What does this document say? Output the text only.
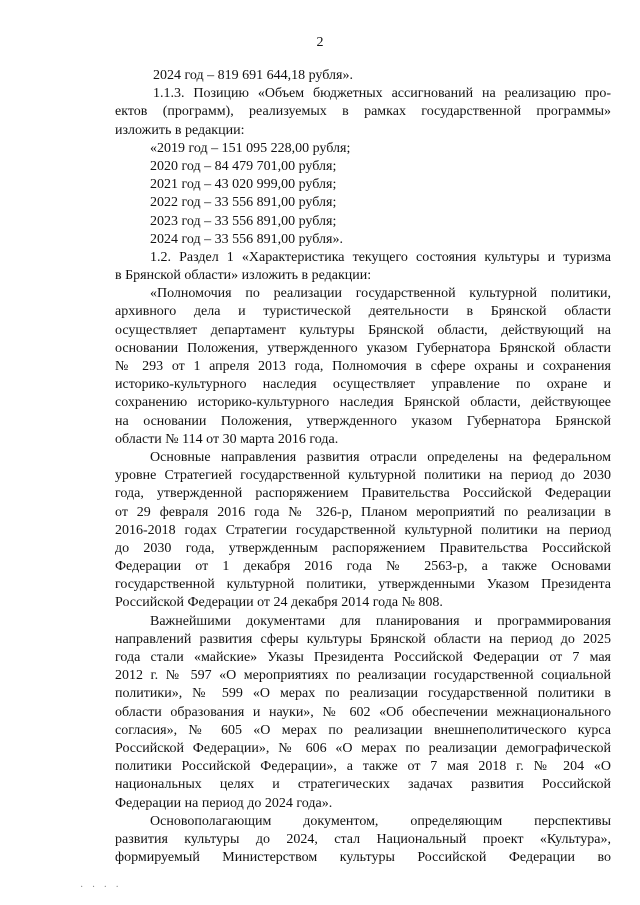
2
2024 год – 819 691 644,18 рубля».
1.1.3. Позицию «Объем бюджетных ассигнований на реализацию про-
ектов (программ), реализуемых в рамках государственной программы»
изложить в редакции:
«2019 год – 151 095 228,00 рубля;
2020 год – 84 479 701,00 рубля;
2021 год – 43 020 999,00 рубля;
2022 год – 33 556 891,00 рубля;
2023 год – 33 556 891,00 рубля;
2024 год – 33 556 891,00 рубля».
1.2. Раздел 1 «Характеристика текущего состояния культуры и туризма
в Брянской области» изложить в редакции:
«Полномочия по реализации государственной культурной политики,
архивного дела и туристической деятельности в Брянской области
осуществляет департамент культуры Брянской области, действующий на
основании Положения, утвержденного указом Губернатора Брянской области
№ 293 от 1 апреля 2013 года, Полномочия в сфере охраны и сохранения
историко-культурного наследия осуществляет управление по охране и
сохранению историко-культурного наследия Брянской области, действующее
на основании Положения, утвержденного указом Губернатора Брянской
области № 114 от 30 марта 2016 года.
Основные направления развития отрасли определены на федеральном
уровне Стратегией государственной культурной политики на период до 2030
года, утвержденной распоряжением Правительства Российской Федерации
от 29 февраля 2016 года № 326-р, Планом мероприятий по реализации в
2016-2018 годах Стратегии государственной культурной политики на период
до 2030 года, утвержденным распоряжением Правительства Российской
Федерации от 1 декабря 2016 года № 2563-р, а также Основами
государственной культурной политики, утвержденными Указом Президента
Российской Федерации от 24 декабря 2014 года № 808.
Важнейшими документами для планирования и программирования
направлений развития сферы культуры Брянской области на период до 2025
года стали «майские» Указы Президента Российской Федерации от 7 мая
2012 г. № 597 «О мероприятиях по реализации государственной социальной
политики», № 599 «О мерах по реализации государственной политики в
области образования и науки», № 602 «Об обеспечении межнационального
согласия», № 605 «О мерах по реализации внешнеполитического курса
Российской Федерации», № 606 «О мерах по реализации демографической
политики Российской Федерации», а также от 7 мая 2018 г. № 204 «О
национальных целях и стратегических задачах развития Российской
Федерации на период до 2024 года».
Основополагающим документом, определяющим перспективы
развития культуры до 2024, стал Национальный проект «Культура»,
формируемый Министерством культуры Российской Федерации во
· · · ·
